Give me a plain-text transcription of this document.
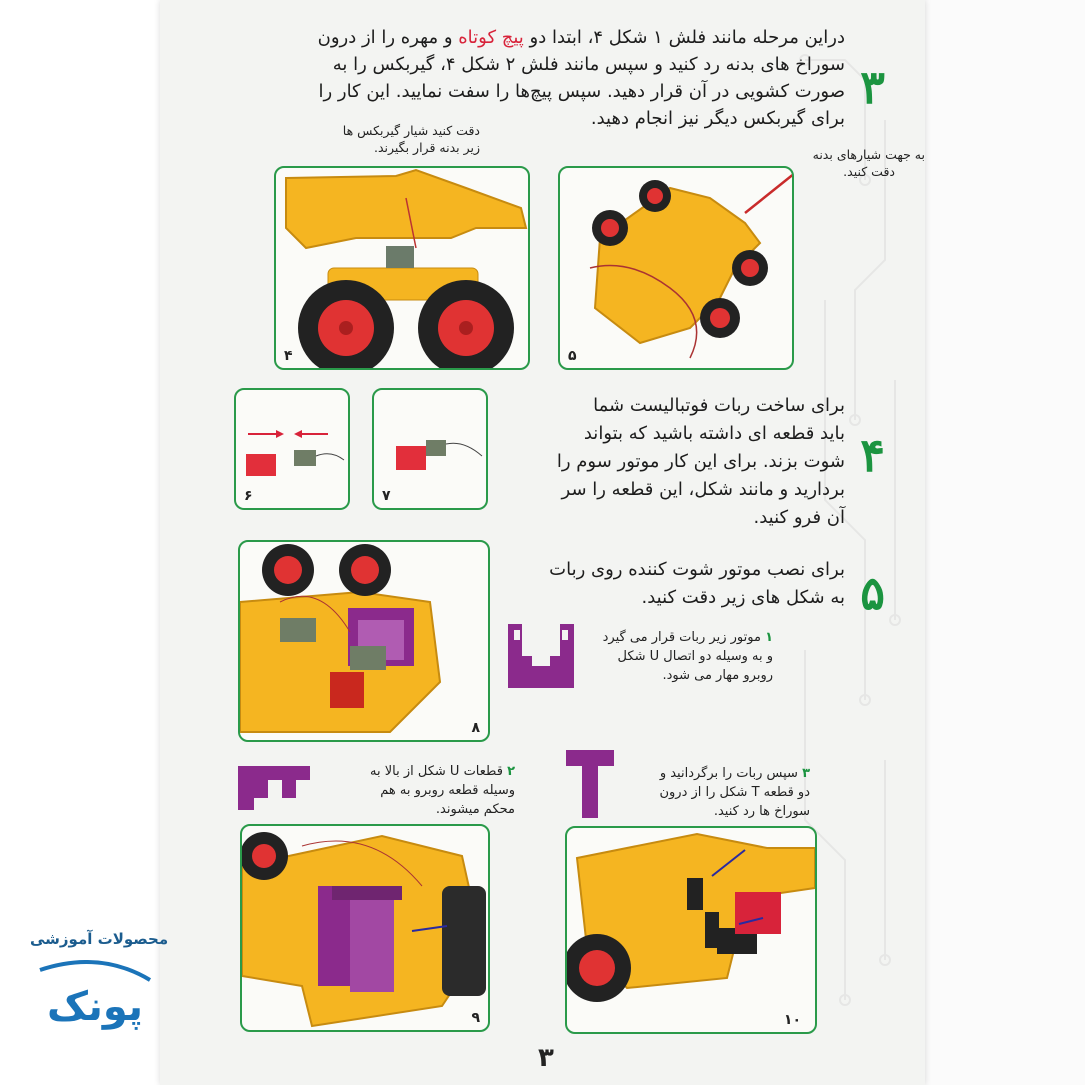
۳
دراین مرحله مانند فلش ۱ شکل ۴، ابتدا دو پیچ کوتاه و مهره را از درون
سوراخ های بدنه رد کنید و سپس مانند فلش ۲ شکل ۴، گیربکس را به
صورت کشویی در آن قرار دهید. سپس پیچ‌ها را سفت نمایید. این کار را
برای گیربکس دیگر نیز انجام دهید.
دقت کنید شیار گیربکس ها
زیر بدنه قرار بگیرند.	به جهت شیارهای بدنه
دقت کنید.
۴	۵
۶	۷
۴
برای ساخت ربات فوتبالیست شما
باید قطعه ای داشته باشید که بتواند
شوت بزند. برای این کار موتور سوم را
بردارید و مانند شکل، این قطعه را سر
آن فرو کنید.
۸
۵
برای نصب موتور شوت کننده روی ربات
به شکل های زیر دقت کنید.
۱ موتور زیر ربات قرار می گیرد
و به وسیله دو اتصال U شکل
روبرو مهار می شود.
۲ قطعات U شکل از بالا به
وسیله قطعه روبرو به هم
محکم میشوند.
۳ سپس ربات را برگردانید و
دو قطعه T شکل را از درون
سوراخ ها رد کنید.
۹	۱۰
۳
محصولات آموزشی
پونک
